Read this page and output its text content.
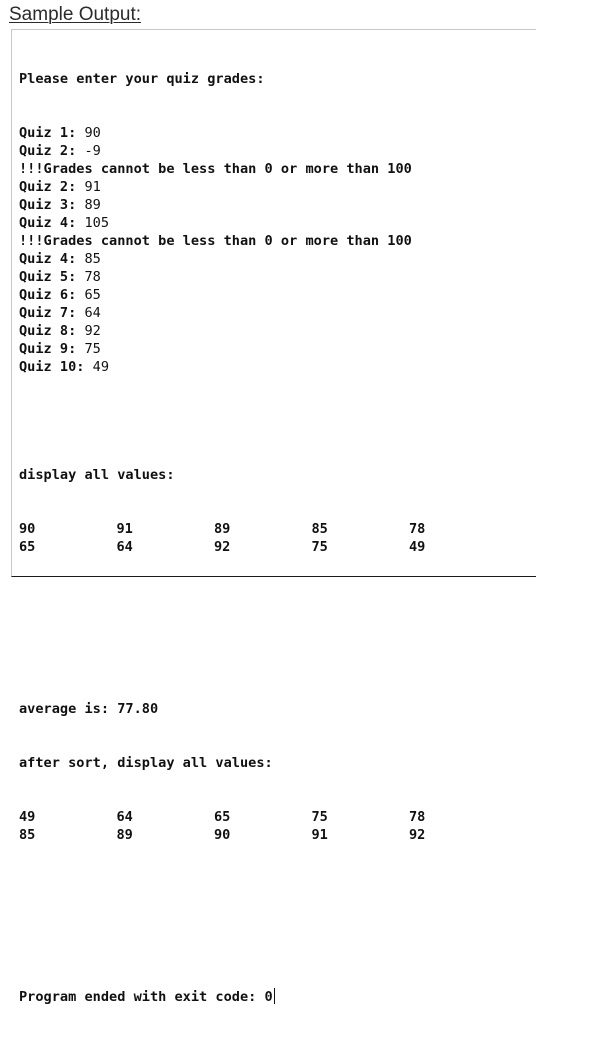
Sample Output:

Please enter your quiz grades:

Quiz 1: 90
Quiz 2: -9
!!!Grades cannot be less than 0 or more than 100
Quiz 2: 91
Quiz 3: 89
Quiz 4: 105
!!!Grades cannot be less than 0 or more than 100
Quiz 4: 85
Quiz 5: 78
Quiz 6: 65
Quiz 7: 64
Quiz 8: 92
Quiz 9: 75
Quiz 10: 49

display all values:

90	91	89	85	78
65	64	92	75	49

average is: 77.80

after sort, display all values:

49	64	65	75	78
85	89	90	91	92

Program ended with exit code: 0
